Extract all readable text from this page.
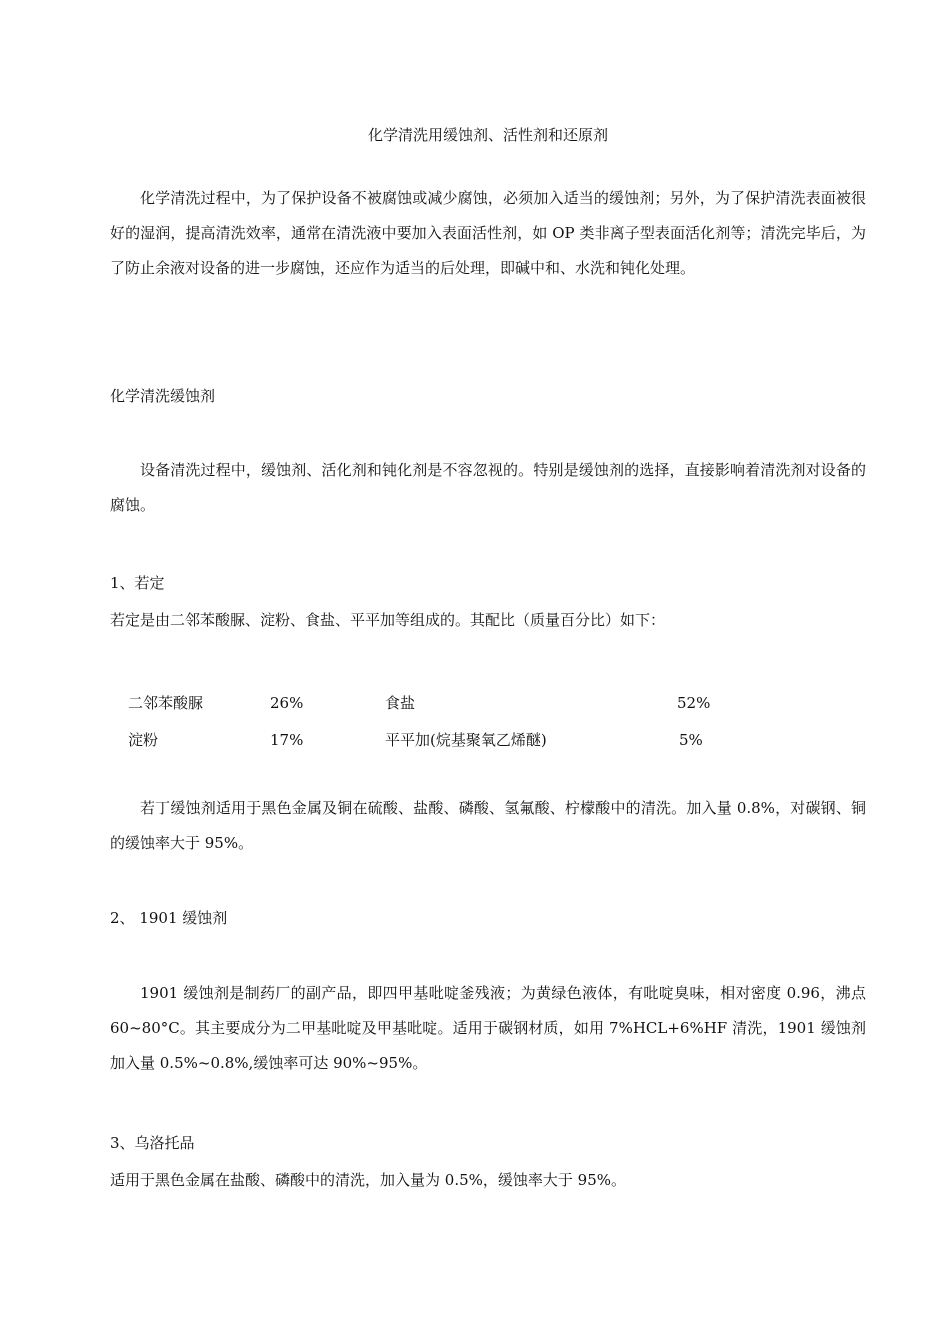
化学清洗用缓蚀剂、活性剂和还原剂

化学清洗过程中，为了保护设备不被腐蚀或减少腐蚀，必须加入适当的缓蚀剂；另外，为了保护清洗表面被很好的湿润，提高清洗效率，通常在清洗液中要加入表面活性剂，如 OP 类非离子型表面活化剂等；清洗完毕后，为了防止余液对设备的进一步腐蚀，还应作为适当的后处理，即碱中和、水洗和钝化处理。

化学清洗缓蚀剂

设备清洗过程中，缓蚀剂、活化剂和钝化剂是不容忽视的。特别是缓蚀剂的选择，直接影响着清洗剂对设备的腐蚀。

1、若定
若定是由二邻苯酸脲、淀粉、食盐、平平加等组成的。其配比（质量百分比）如下：
二邻苯酸脲	26%	食盐	52%
淀粉	17%	平平加(烷基聚氧乙烯醚)	5%

若丁缓蚀剂适用于黑色金属及铜在硫酸、盐酸、磷酸、氢氟酸、柠檬酸中的清洗。加入量 0.8%，对碳钢、铜的缓蚀率大于 95%。

2、 1901 缓蚀剂

1901 缓蚀剂是制药厂的副产品，即四甲基吡啶釜残液；为黄绿色液体，有吡啶臭味，相对密度 0.96，沸点 60~80°C。其主要成分为二甲基吡啶及甲基吡啶。适用于碳钢材质，如用 7%HCL+6%HF 清洗，1901 缓蚀剂加入量 0.5%~0.8%,缓蚀率可达 90%~95%。

3、乌洛托品
适用于黑色金属在盐酸、磷酸中的清洗，加入量为 0.5%，缓蚀率大于 95%。
